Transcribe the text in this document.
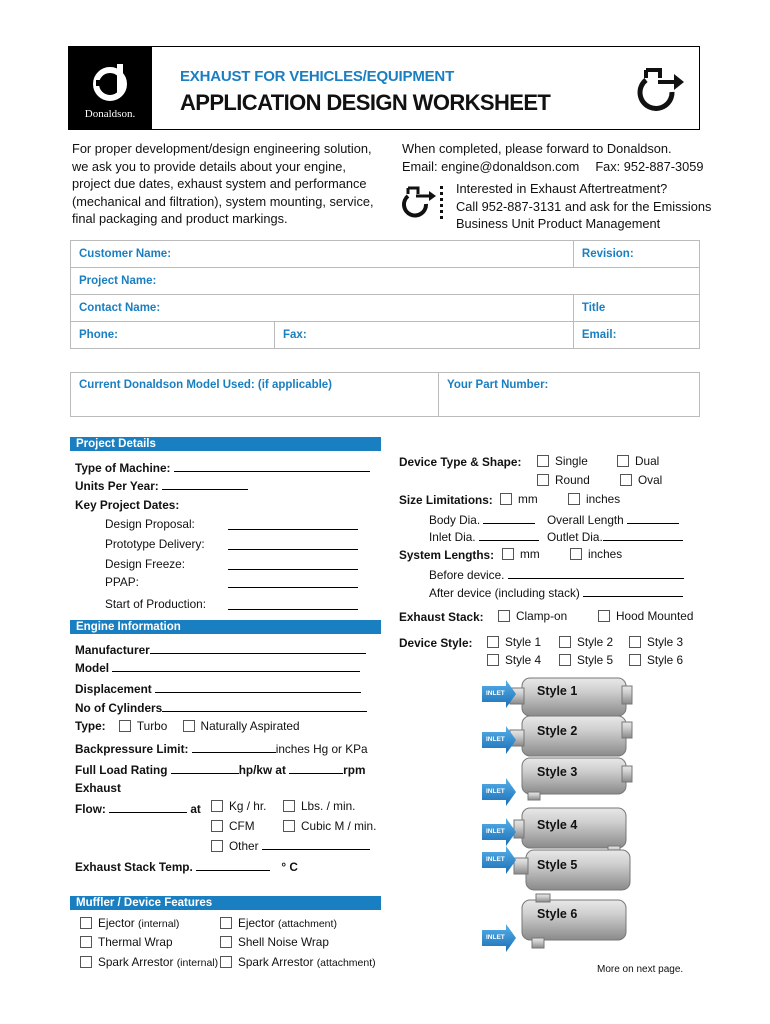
Donaldson.
EXHAUST FOR VEHICLES/EQUIPMENT
APPLICATION DESIGN WORKSHEET
For proper development/design engineering solution,
we ask you to provide details about your engine,
project due dates, exhaust system and performance
(mechanical and filtration), system mounting, service,
final packaging and product markings.
When completed, please forward to Donaldson.
Email: engine@donaldson.com Fax: 952-887-3059
Interested in Exhaust Aftertreatment?
Call 952-887-3131 and ask for the Emissions
Business Unit Product Management
Customer Name:		Revision:
Project Name:		
Contact Name:		Title
Phone:	Fax:	Email:
Current Donaldson Model Used: (if applicable)	Your Part Number:
Project Details
Type of Machine:
Units Per Year:
Key Project Dates:
Design Proposal:
Prototype Delivery:
Design Freeze:
PPAP:
Start of Production:
Engine Information
Manufacturer
Model
Displacement
No of Cylinders
Type:	Turbo	Naturally Aspirated
Backpressure Limit:	inches Hg or KPa
Full Load Rating	hp/kw at	rpm
Exhaust
Flow:	at	Kg / hr.	Lbs. / min.
CFM	Cubic M / min.
Other
Exhaust Stack Temp.	° C
Muffler / Device Features
Ejector (internal)	Ejector (attachment)
Thermal Wrap	Shell Noise Wrap
Spark Arrestor (internal)	Spark Arrestor (attachment)
Device Type & Shape:	Single	Dual
Round	Oval
Size Limitations:	mm	inches
Body Dia.	Overall Length
Inlet Dia.	Outlet Dia.
System Lengths:	mm	inches
Before device.
After device (including stack)
Exhaust Stack:	Clamp-on	Hood Mounted
Device Style:	Style 1	Style 2	Style 3
Style 4	Style 5	Style 6
INLET
INLET
INLET
INLET
INLET
INLET
Style 1
Style 2
Style 3
Style 4
Style 5
Style 6
More on next page.
